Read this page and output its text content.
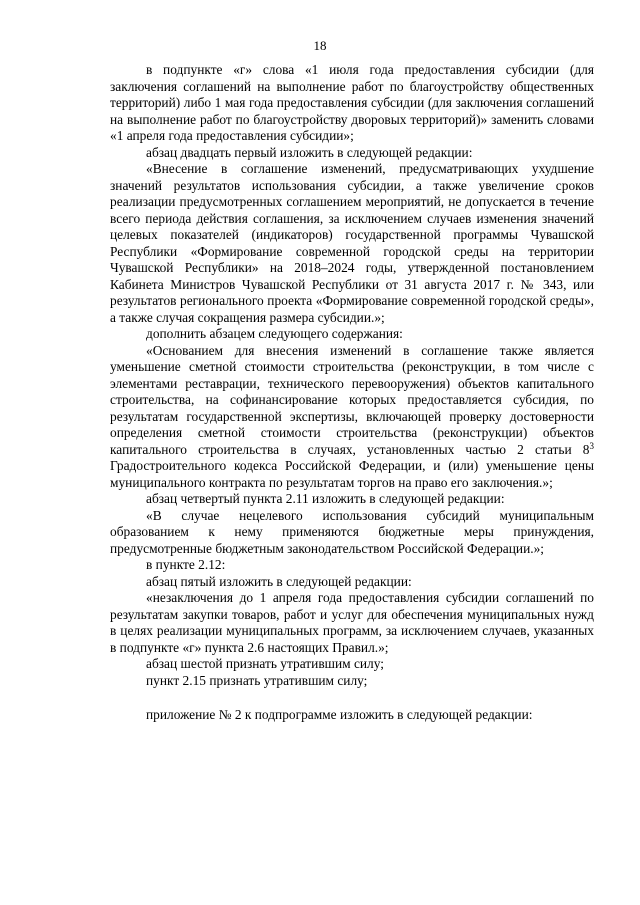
18

в подпункте «г» слова «1 июля года предоставления субсидии (для заключения соглашений на выполнение работ по благоустройству общественных территорий) либо 1 мая года предоставления субсидии (для заключения соглашений на выполнение работ по благоустройству дворовых территорий)» заменить словами «1 апреля года предоставления субсидии»;

абзац двадцать первый изложить в следующей редакции:

«Внесение в соглашение изменений, предусматривающих ухудшение значений результатов использования субсидии, а также увеличение сроков реализации предусмотренных соглашением мероприятий, не допускается в течение всего периода действия соглашения, за исключением случаев изменения значений целевых показателей (индикаторов) государственной программы Чувашской Республики «Формирование современной городской среды на территории Чувашской Республики» на 2018–2024 годы, утвержденной постановлением Кабинета Министров Чувашской Республики от 31 августа 2017 г. № 343, или результатов регионального проекта «Формирование современной городской среды», а также случая сокращения размера субсидии.»;

дополнить абзацем следующего содержания:

«Основанием для внесения изменений в соглашение также является уменьшение сметной стоимости строительства (реконструкции, в том числе с элементами реставрации, технического перевооружения) объектов капитального строительства, на софинансирование которых предоставляется субсидия, по результатам государственной экспертизы, включающей проверку достоверности определения сметной стоимости строительства (реконструкции) объектов капитального строительства в случаях, установленных частью 2 статьи $8^3$ Градостроительного кодекса Российской Федерации, и (или) уменьшение цены муниципального контракта по результатам торгов на право его заключения.»;

абзац четвертый пункта 2.11 изложить в следующей редакции:

«В случае нецелевого использования субсидий муниципальным образованием к нему применяются бюджетные меры принуждения, предусмотренные бюджетным законодательством Российской Федерации.»;

в пункте 2.12:

абзац пятый изложить в следующей редакции:

«незаключения до 1 апреля года предоставления субсидии соглашений по результатам закупки товаров, работ и услуг для обеспечения муниципальных нужд в целях реализации муниципальных программ, за исключением случаев, указанных в подпункте «г» пункта 2.6 настоящих Правил.»;

абзац шестой признать утратившим силу;

пункт 2.15 признать утратившим силу;

приложение № 2 к подпрограмме изложить в следующей редакции:
